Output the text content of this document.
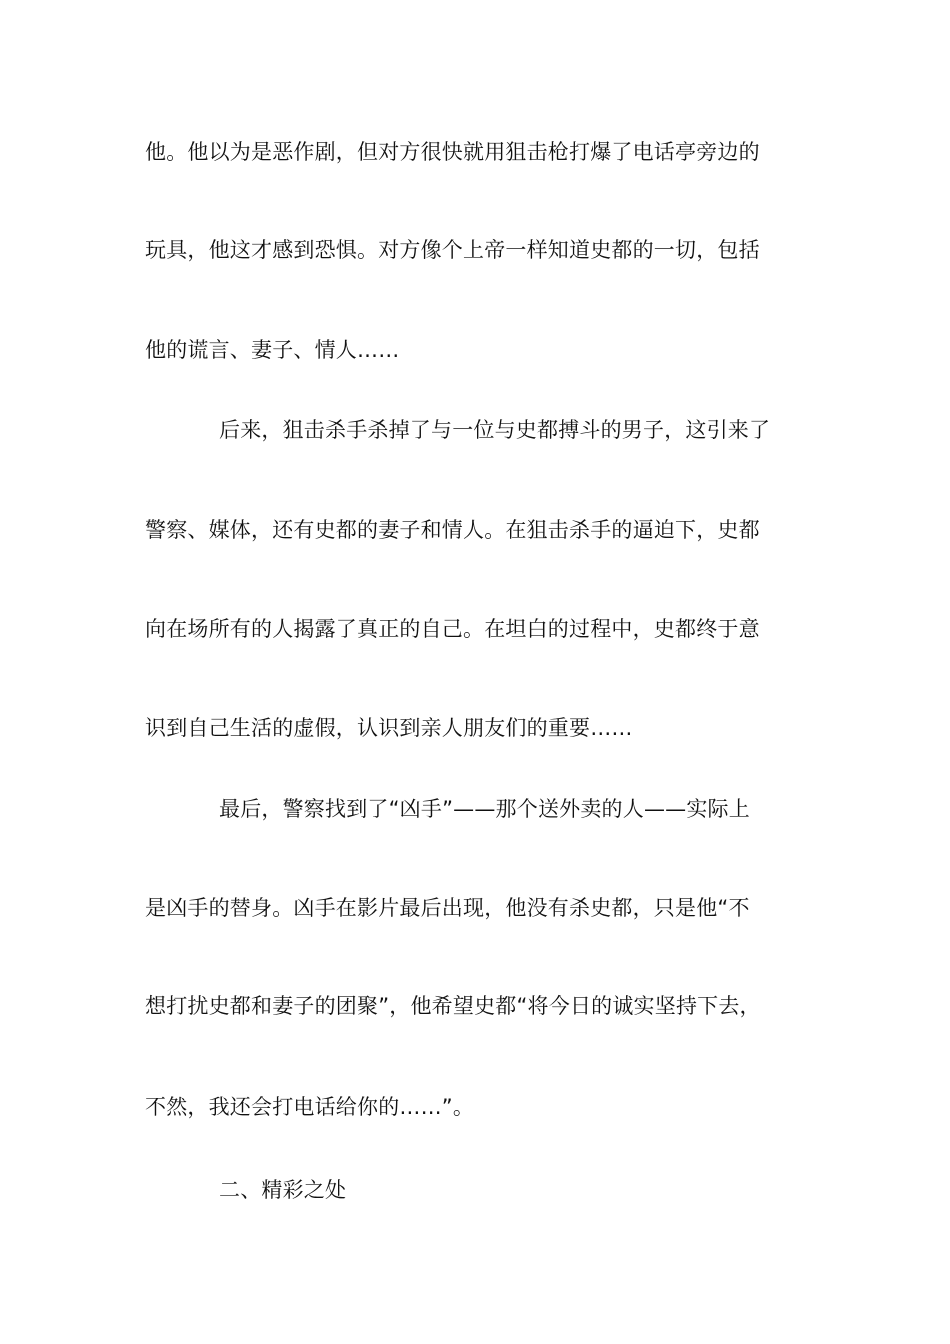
他。他以为是恶作剧，但对方很快就用狙击枪打爆了电话亭旁边的
玩具，他这才感到恐惧。对方像个上帝一样知道史都的一切，包括
他的谎言、妻子、情人……
后来，狙击杀手杀掉了与一位与史都搏斗的男子，这引来了
警察、媒体，还有史都的妻子和情人。在狙击杀手的逼迫下，史都
向在场所有的人揭露了真正的自己。在坦白的过程中，史都终于意
识到自己生活的虚假，认识到亲人朋友们的重要……
最后，警察找到了“凶手”——那个送外卖的人——实际上
是凶手的替身。凶手在影片最后出现，他没有杀史都，只是他“不
想打扰史都和妻子的团聚”，他希望史都“将今日的诚实坚持下去，
不然，我还会打电话给你的……”。
二、精彩之处
